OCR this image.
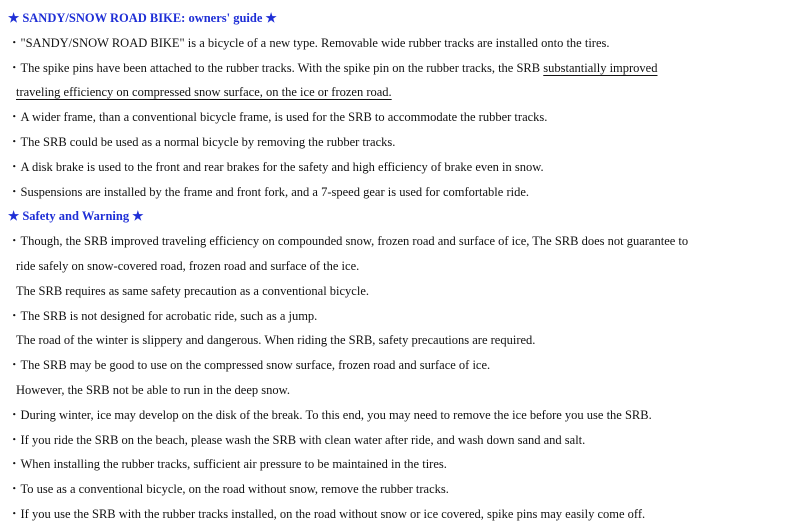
★ SANDY/SNOW ROAD BIKE: owners' guide ★
・"SANDY/SNOW ROAD BIKE" is a bicycle of a new type. Removable wide rubber tracks are installed onto the tires.
・The spike pins have been attached to the rubber tracks. With the spike pin on the rubber tracks, the SRB substantially improved
traveling efficiency on compressed snow surface, on the ice or frozen road.
・A wider frame, than a conventional bicycle frame, is used for the SRB to accommodate the rubber tracks.
・The SRB could be used as a normal bicycle by removing the rubber tracks.
・A disk brake is used to the front and rear brakes for the safety and high efficiency of brake even in snow.
・Suspensions are installed by the frame and front fork, and a 7-speed gear is used for comfortable ride.
★ Safety and Warning ★
・Though, the SRB improved traveling efficiency on compounded snow, frozen road and surface of ice, The SRB does not guarantee to
ride safely on snow-covered road, frozen road and surface of the ice.
The SRB requires as same safety precaution as a conventional bicycle.
・The SRB is not designed for acrobatic ride, such as a jump.
The road of the winter is slippery and dangerous. When riding the SRB, safety precautions are required.
・The SRB may be good to use on the compressed snow surface, frozen road and surface of ice.
However, the SRB not be able to run in the deep snow.
・During winter, ice may develop on the disk of the break. To this end, you may need to remove the ice before you use the SRB.
・If you ride the SRB on the beach, please wash the SRB with clean water after ride, and wash down sand and salt.
・When installing the rubber tracks, sufficient air pressure to be maintained in the tires.
・To use as a conventional bicycle, on the road without snow, remove the rubber tracks.
・If you use the SRB with the rubber tracks installed, on the road without snow or ice covered, spike pins may easily come off.
